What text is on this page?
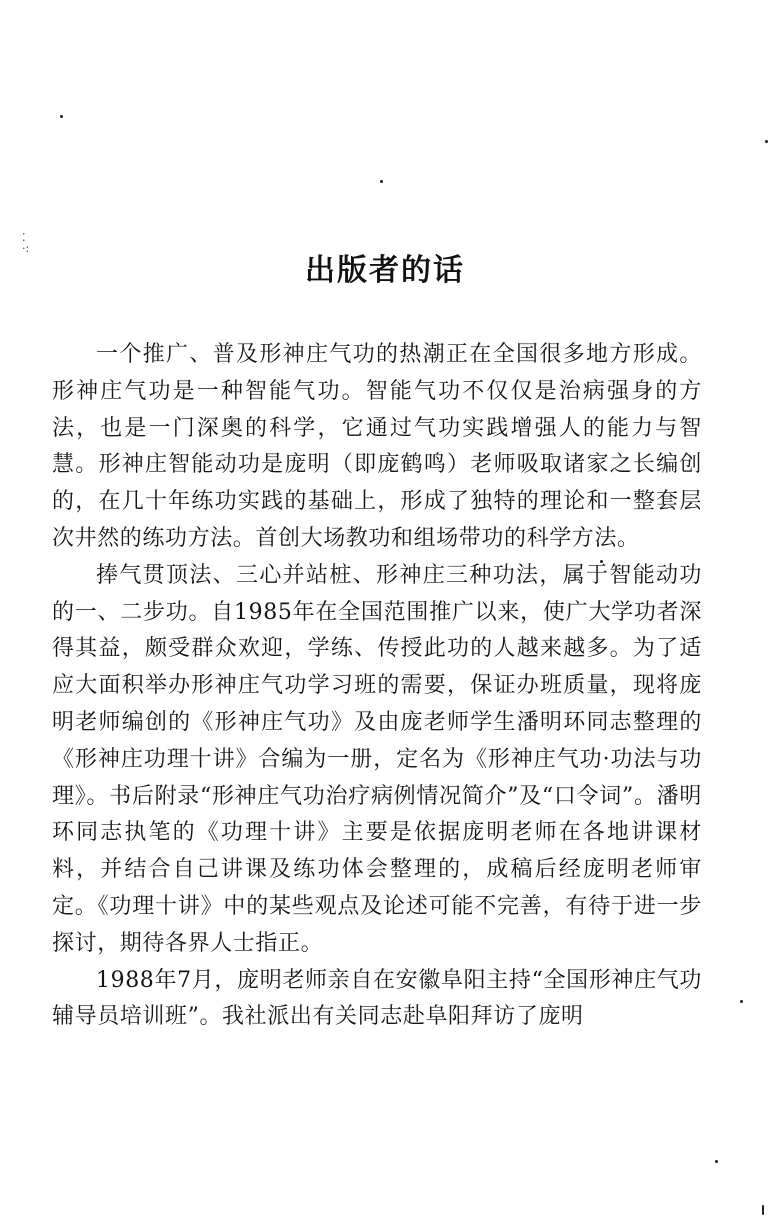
⁚
·:
出版者的话

一个推广、普及形神庄气功的热潮正在全国很多地方形成。形神庄气功是一种智能气功。智能气功不仅仅是治病强身的方法，也是一门深奥的科学，它通过气功实践增强人的能力与智慧。形神庄智能动功是庞明（即庞鹤鸣）老师吸取诸家之长编创的，在几十年练功实践的基础上，形成了独特的理论和一整套层次井然的练功方法。首创大场教功和组场带功的科学方法。

捧气贯顶法、三心并站桩、形神庄三种功法，属于智能动功的一、二步功。自1985年在全国范围推广以来，使广大学功者深得其益，颇受群众欢迎，学练、传授此功的人越来越多。为了适应大面积举办形神庄气功学习班的需要，保证办班质量，现将庞明老师编创的《形神庄气功》及由庞老师学生潘明环同志整理的《形神庄功理十讲》合编为一册，定名为《形神庄气功·功法与功理》。书后附录“形神庄气功治疗病例情况简介”及“口令词”。潘明环同志执笔的《功理十讲》主要是依据庞明老师在各地讲课材料，并结合自己讲课及练功体会整理的，成稿后经庞明老师审定。《功理十讲》中的某些观点及论述可能不完善，有待于进一步探讨，期待各界人士指正。

1988年7月，庞明老师亲自在安徽阜阳主持“全国形神庄气功辅导员培训班”。我社派出有关同志赴阜阳拜访了庞明
